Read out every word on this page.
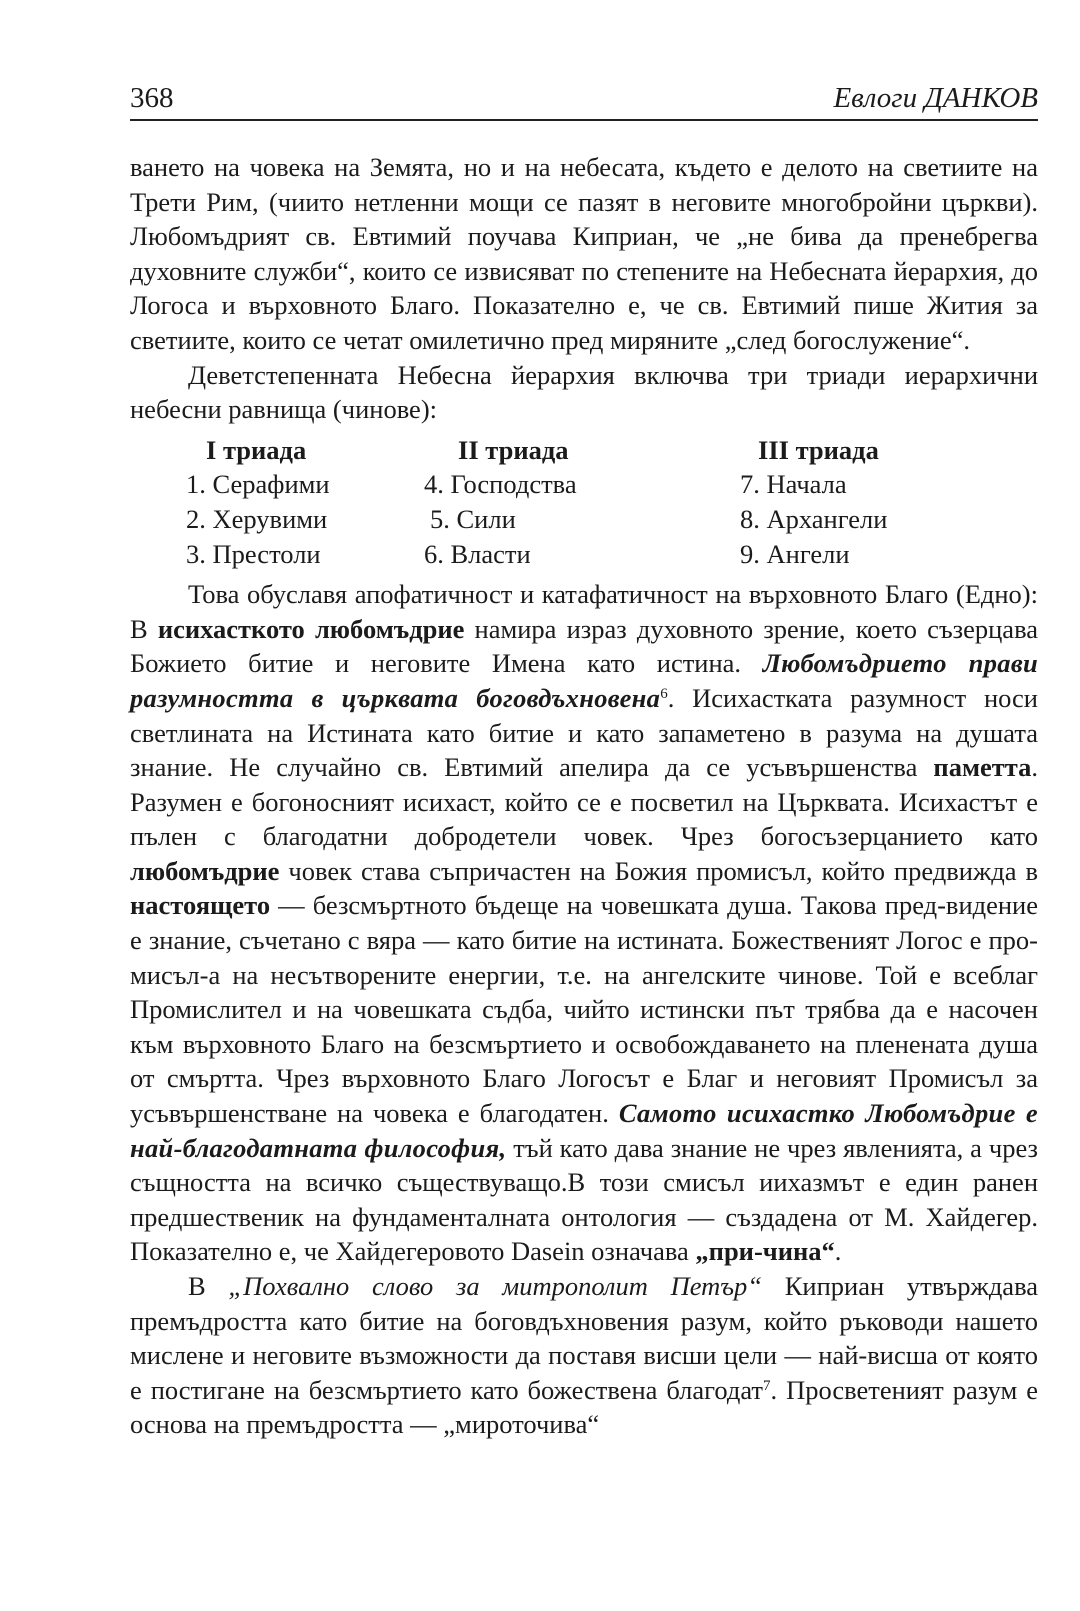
368	Евлоги ДАНКОВ

ването на човека на Земята, но и на небесата, където е делото на светиите на Трети Рим, (чиито нетленни мощи се пазят в неговите многобройни църкви). Любомъдрият св. Евтимий поучава Киприан, че „не бива да пренебрегва духовните служби“, които се извисяват по степените на Небесната йерархия, до Логоса и върховното Благо. Показателно е, че св. Евтимий пише Жития за светиите, които се четат омилетично пред миряните „след богослужение“.

Деветстепенната Небесна йерархия включва три триади иерархични небесни равнища (чинове):

I триада
1. Серафими
2. Херувими
3. Престоли
II триада
4. Господства
5. Сили
6. Власти
III триада
7. Начала
8. Архангели
9. Ангели

Това обуславя апофатичност и катафатичност на върховното Благо (Едно): В исихасткото любомъдрие намира израз духовното зрение, което съзерцава Божието битие и неговите Имена като истина. Любомъдрието прави разумността в църквата боговдъхновена$^6$. Исихастката разумност носи светлината на Истината като битие и като запаметено в разума на душата знание. Не случайно св. Евтимий апелира да се усъвършенства паметта. Разумен е богоносният исихаст, който се е посветил на Църквата. Исихастът е пълен с благодатни добродетели човек. Чрез богосъзерцанието като любомъдрие човек става съпричастен на Божия промисъл, който предвижда в настоящето — безсмъртното бъдеще на човешката душа. Такова пред-видение е знание, съчетано с вяра — като битие на истината. Божественият Логос е про-мисъл-а на несътворените енергии, т.е. на ангелските чинове. Той е всеблаг Промислител и на човешката съдба, чийто истински път трябва да е насочен към върховното Благо на безсмъртието и освобождаването на пленената душа от смъртта. Чрез върховното Благо Логосът е Благ и неговият Промисъл за усъвършенстване на човека е благодатен. Самото исихастко Любомъдрие е най-благодатната философия, тъй като дава знание не чрез явленията, а чрез същността на всичко съществуващо.В този смисъл иихазмът е един ранен предшественик на фундаменталната онтология — създадена от М. Хайдегер. Показателно е, че Хайдегеровото Dasein означава „при-чина“.

В „Похвално слово за митрополит Петър“ Киприан утвърждава премъдростта като битие на боговдъхновения разум, който ръководи нашето мислене и неговите възможности да поставя висши цели — най-висша от която е постигане на безсмъртието като божествена благодат$^7$. Просветеният разум е основа на премъдростта — „мироточива“
